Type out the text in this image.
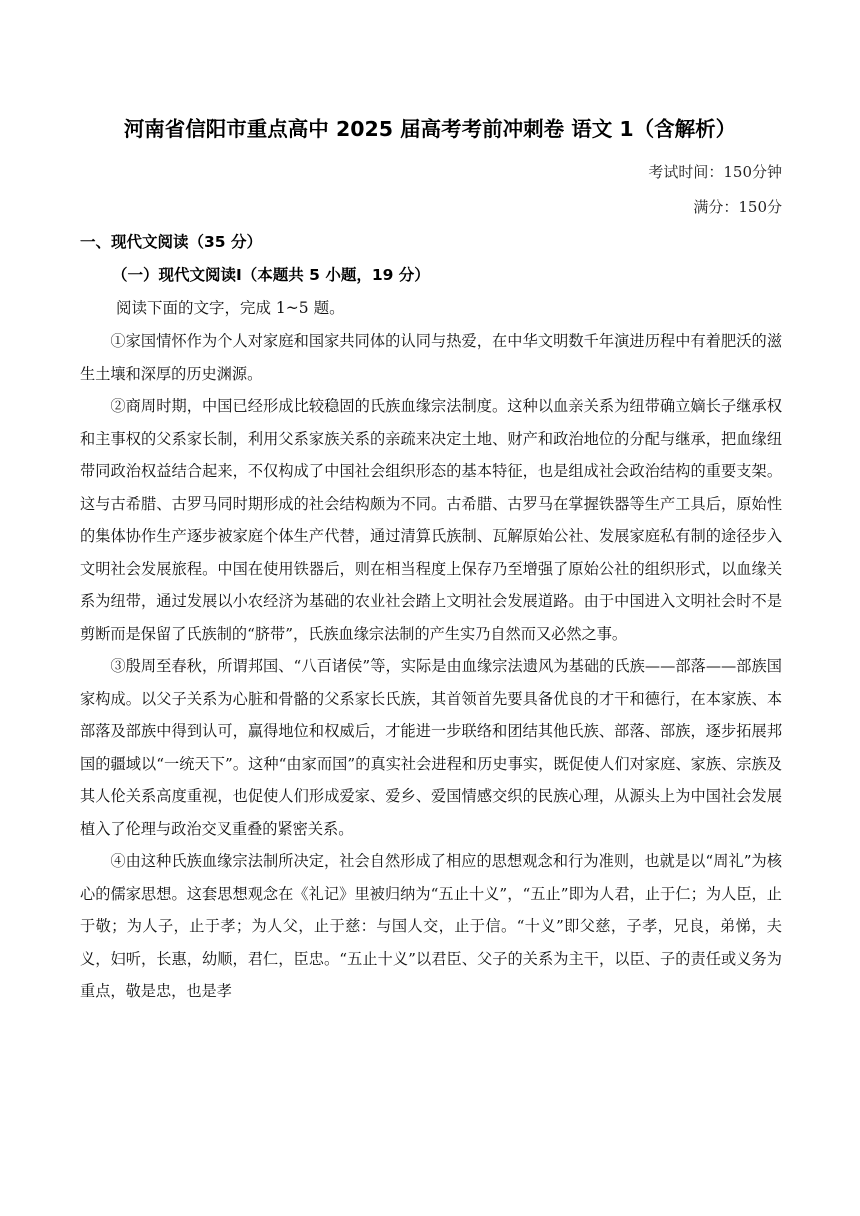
河南省信阳市重点高中 2025 届高考考前冲刺卷 语文 1（含解析）
考试时间：150分钟
满分：150分
一、现代文阅读（35 分）
（一）现代文阅读Ⅰ（本题共 5 小题，19 分）
阅读下面的文字，完成 1~5 题。

①家国情怀作为个人对家庭和国家共同体的认同与热爱，在中华文明数千年演进历程中有着肥沃的滋生土壤和深厚的历史渊源。

②商周时期，中国已经形成比较稳固的氏族血缘宗法制度。这种以血亲关系为纽带确立嫡长子继承权和主事权的父系家长制，利用父系家族关系的亲疏来决定土地、财产和政治地位的分配与继承，把血缘纽带同政治权益结合起来，不仅构成了中国社会组织形态的基本特征，也是组成社会政治结构的重要支架。这与古希腊、古罗马同时期形成的社会结构颇为不同。古希腊、古罗马在掌握铁器等生产工具后，原始性的集体协作生产逐步被家庭个体生产代替，通过清算氏族制、瓦解原始公社、发展家庭私有制的途径步入文明社会发展旅程。中国在使用铁器后，则在相当程度上保存乃至增强了原始公社的组织形式，以血缘关系为纽带，通过发展以小农经济为基础的农业社会踏上文明社会发展道路。由于中国进入文明社会时不是剪断而是保留了氏族制的“脐带”，氏族血缘宗法制的产生实乃自然而又必然之事。

③殷周至春秋，所谓邦国、“八百诸侯”等，实际是由血缘宗法遗风为基础的氏族——部落——部族国家构成。以父子关系为心脏和骨骼的父系家长氏族，其首领首先要具备优良的才干和德行，在本家族、本部落及部族中得到认可，赢得地位和权威后，才能进一步联络和团结其他氏族、部落、部族，逐步拓展邦国的疆域以“一统天下”。这种“由家而国”的真实社会进程和历史事实，既促使人们对家庭、家族、宗族及其人伦关系高度重视，也促使人们形成爱家、爱乡、爱国情感交织的民族心理，从源头上为中国社会发展植入了伦理与政治交叉重叠的紧密关系。

④由这种氏族血缘宗法制所决定，社会自然形成了相应的思想观念和行为准则，也就是以“周礼”为核心的儒家思想。这套思想观念在《礼记》里被归纳为“五止十义”，“五止”即为人君，止于仁；为人臣，止于敬；为人子，止于孝；为人父，止于慈：与国人交，止于信。“十义”即父慈，子孝，兄良，弟悌，夫义，妇听，长惠，幼顺，君仁，臣忠。“五止十义”以君臣、父子的关系为主干，以臣、子的责任或义务为重点，敬是忠，也是孝
